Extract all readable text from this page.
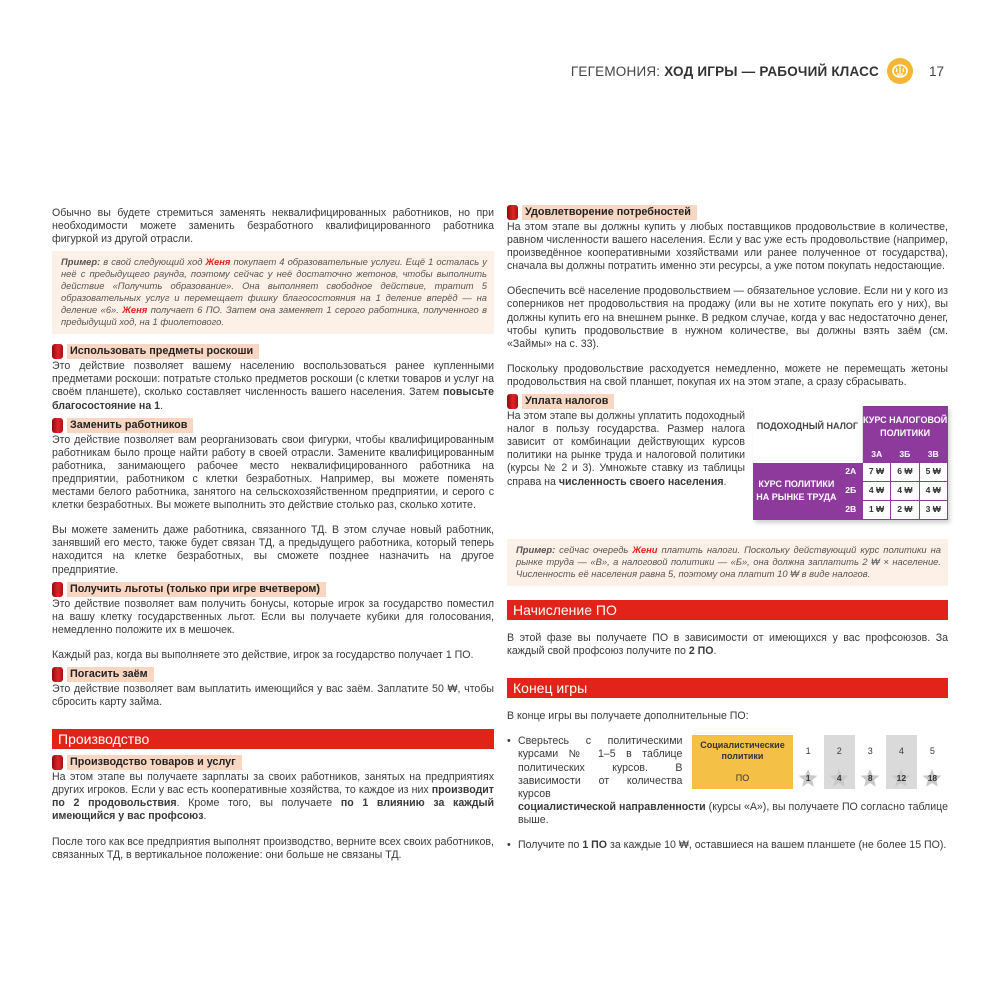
ГЕГЕМОНИЯ: ХОД ИГРЫ — РАБОЧИЙ КЛАСС	17

Обычно вы будете стремиться заменять неквалифицированных работников, но при необходимости можете заменить безработного квалифицированного работника фигуркой из другой отрасли.

Пример: в свой следующий ход Женя покупает 4 образовательные услуги. Ещё 1 осталась у неё с предыдущего раунда, поэтому сейчас у неё достаточно жетонов, чтобы выполнить действие «Получить образование». Она выполняет свободное действие, тратит 5 образовательных услуг и перемещает фишку благосостояния на 1 деление вперёд — на деление «6». Женя получает 6 ПО. Затем она заменяет 1 серого работника, полученного в предыдущий ход, на 1 фиолетового.
Использовать предметы роскоши

Это действие позволяет вашему населению воспользоваться ранее купленными предметами роскоши: потратьте столько предметов роскоши (с клетки товаров и услуг на своём планшете), сколько составляет численность вашего населения. Затем повысьте благосостояние на 1.

Заменить работников

Это действие позволяет вам реорганизовать свои фигурки, чтобы квалифицированным работникам было проще найти работу в своей отрасли. Замените квалифицированным работника, занимающего рабочее место неквалифицированного работника на предприятии, работником с клетки безработных. Например, вы можете поменять местами белого работника, занятого на сельскохозяйственном предприятии, и серого с клетки безработных. Вы можете выполнить это действие столько раз, сколько хотите.

Вы можете заменить даже работника, связанного ТД. В этом случае новый работник, занявший его место, также будет связан ТД, а предыдущего работника, который теперь находится на клетке безработных, вы сможете позднее назначить на другое предприятие.

Получить льготы (только при игре вчетвером)

Это действие позволяет вам получить бонусы, которые игрок за государство поместил на вашу клетку государственных льгот. Если вы получаете кубики для голосования, немедленно положите их в мешочек.

Каждый раз, когда вы выполняете это действие, игрок за государство получает 1 ПО.

Погасить заём

Это действие позволяет вам выплатить имеющийся у вас заём. Заплатите 50 ₩, чтобы сбросить карту займа.

Производство
Производство товаров и услуг

На этом этапе вы получаете зарплаты за своих работников, занятых на предприятиях других игроков. Если у вас есть кооперативные хозяйства, то каждое из них производит по 2 продовольствия. Кроме того, вы получаете по 1 влиянию за каждый имеющийся у вас профсоюз.

После того как все предприятия выполнят производство, верните всех своих работников, связанных ТД, в вертикальное положение: они больше не связаны ТД.

Удовлетворение потребностей

На этом этапе вы должны купить у любых поставщиков продовольствие в количестве, равном численности вашего населения. Если у вас уже есть продовольствие (например, произведённое кооперативными хозяйствами или ранее полученное от государства), сначала вы должны потратить именно эти ресурсы, а уже потом покупать недостающие.

Обеспечить всё население продовольствием — обязательное условие. Если ни у кого из соперников нет продовольствия на продажу (или вы не хотите покупать его у них), вы должны купить его на внешнем рынке. В редком случае, когда у вас недостаточно денег, чтобы купить продовольствие в нужном количестве, вы должны взять заём (см. «Займы» на с. 33).

Поскольку продовольствие расходуется немедленно, можете не перемещать жетоны продовольствия на свой планшет, покупая их на этом этапе, а сразу сбрасывать.

Уплата налогов

На этом этапе вы должны уплатить подоходный налог в пользу государства. Размер налога зависит от комбинации действующих курсов политики на рынке труда и налоговой политики (курсы № 2 и 3). Умножьте ставку из таблицы справа на численность своего населения.

ПОДОХОДНЫЙ НАЛОГ		КУРС НАЛОГОВОЙ ПОЛИТИКИ		
		3А	3Б	3В
КУРС ПОЛИТИКИ НА РЫНКЕ ТРУДА	2А	7 ₩	6 ₩	5 ₩
	2Б	4 ₩	4 ₩	4 ₩
	2В	1 ₩	2 ₩	3 ₩
Пример: сейчас очередь Жени платить налоги. Поскольку действующий курс политики на рынке труда — «В», а налоговой политики — «Б», она должна заплатить 2 ₩ × население. Численность её населения равна 5, поэтому она платит 10 ₩ в виде налогов.
Начисление ПО

В этой фазе вы получаете ПО в зависимости от имеющихся у вас профсоюзов. За каждый свой профсоюз получите по 2 ПО.

Конец игры

В конце игры вы получаете дополнительные ПО:

• Сверьтесь с политическими курсами № 1–5 в таблице политических курсов. В зависимости от количества курсов

Социалистические политики	1	2	3	4	5
ПО	1	4	8	12	18

социалистической направленности (курсы «А»), вы получаете ПО согласно таблице выше.

• Получите по 1 ПО за каждые 10 ₩, оставшиеся на вашем планшете (не более 15 ПО).
